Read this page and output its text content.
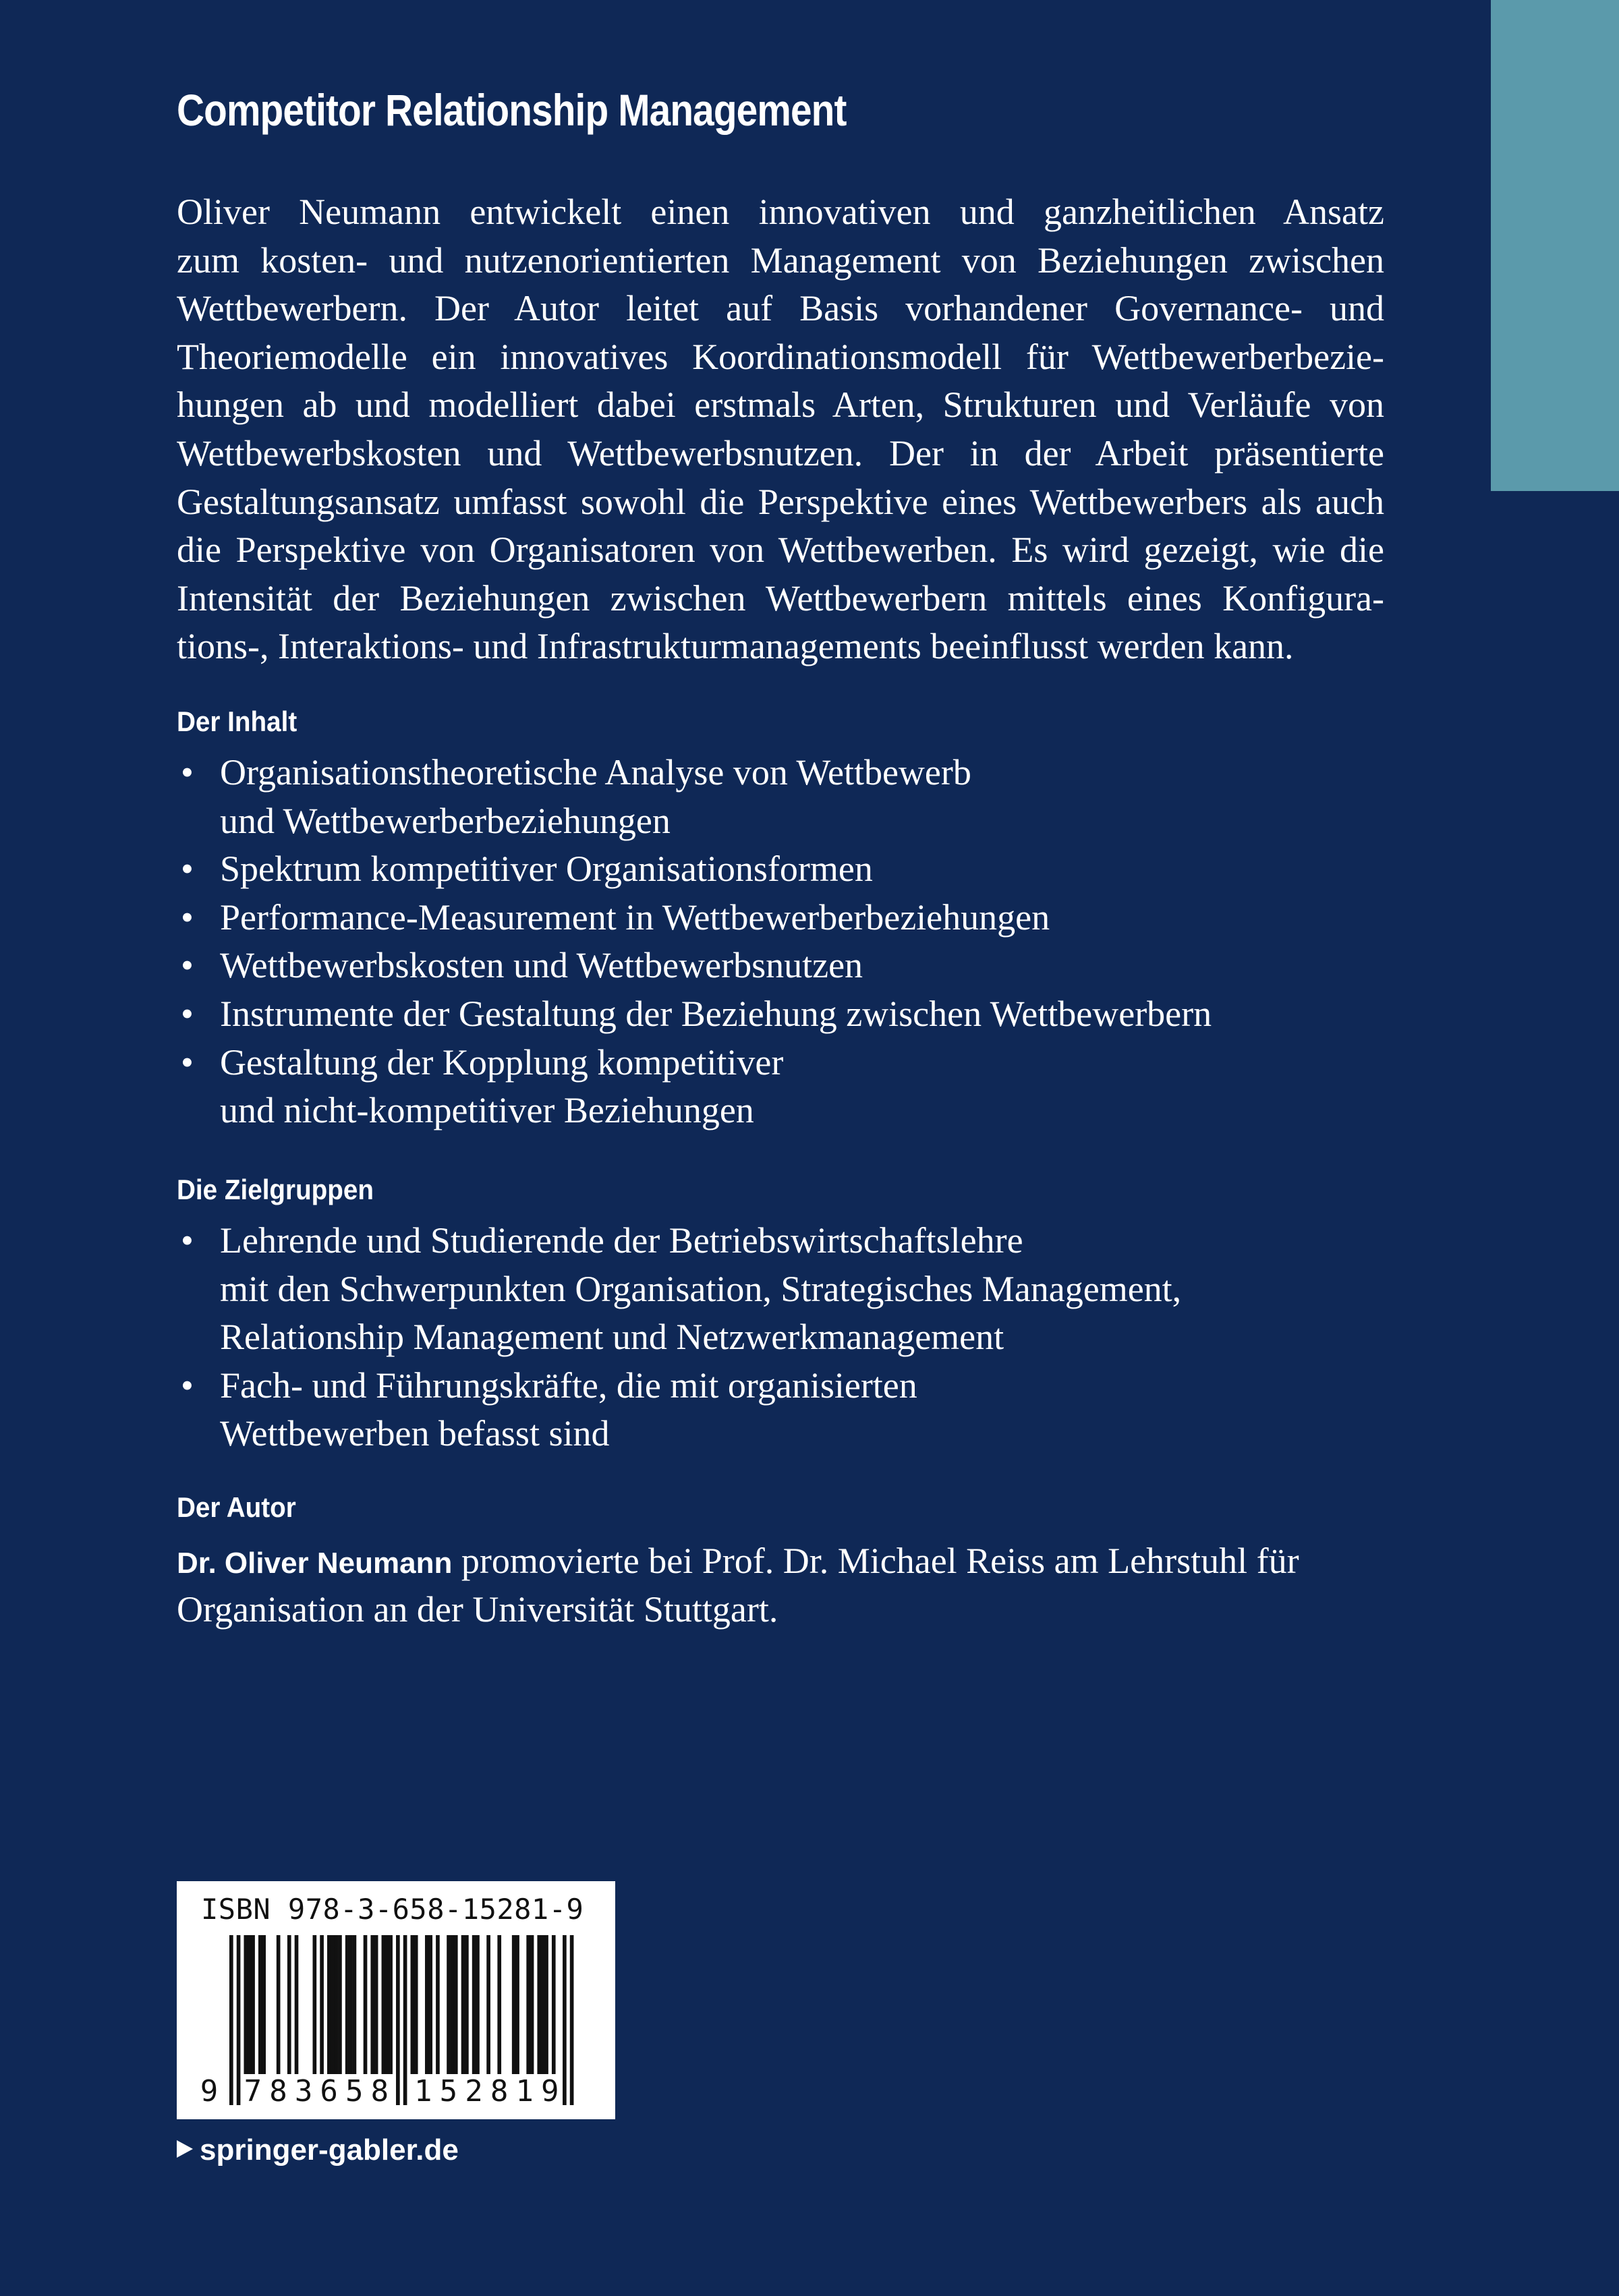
Competitor Relationship Management
Oliver Neumann entwickelt einen innovativen und ganzheitlichen Ansatz
zum kosten- und nutzenorientierten Management von Beziehungen zwischen
Wettbewerbern. Der Autor leitet auf Basis vorhandener Governance- und
Theoriemodelle ein innovatives Koordinationsmodell für Wettbewerberbezie-
hungen ab und modelliert dabei erstmals Arten, Strukturen und Verläufe von
Wettbewerbskosten und Wettbewerbsnutzen. Der in der Arbeit präsentierte
Gestaltungsansatz umfasst sowohl die Perspektive eines Wettbewerbers als auch
die Perspektive von Organisatoren von Wettbewerben. Es wird gezeigt, wie die
Intensität der Beziehungen zwischen Wettbewerbern mittels eines Konfigura-
tions-, Interaktions- und Infrastrukturmanagements beeinflusst werden kann.
Der Inhalt
• Organisationstheoretische Analyse von Wettbewerb
und Wettbewerberbeziehungen
• Spektrum kompetitiver Organisationsformen
• Performance-Measurement in Wettbewerberbeziehungen
• Wettbewerbskosten und Wettbewerbsnutzen
• Instrumente der Gestaltung der Beziehung zwischen Wettbewerbern
• Gestaltung der Kopplung kompetitiver
und nicht-kompetitiver Beziehungen
Die Zielgruppen
• Lehrende und Studierende der Betriebswirtschaftslehre
mit den Schwerpunkten Organisation, Strategisches Management,
Relationship Management und Netzwerkmanagement
• Fach- und Führungskräfte, die mit organisierten
Wettbewerben befasst sind
Der Autor
Dr. Oliver Neumann promovierte bei Prof. Dr. Michael Reiss am Lehrstuhl für
Organisation an der Universität Stuttgart.
ISBN 978-3-658-15281-9
9 7 8 3 6 5 8 1 5 2 8 1 9
springer-gabler.de
